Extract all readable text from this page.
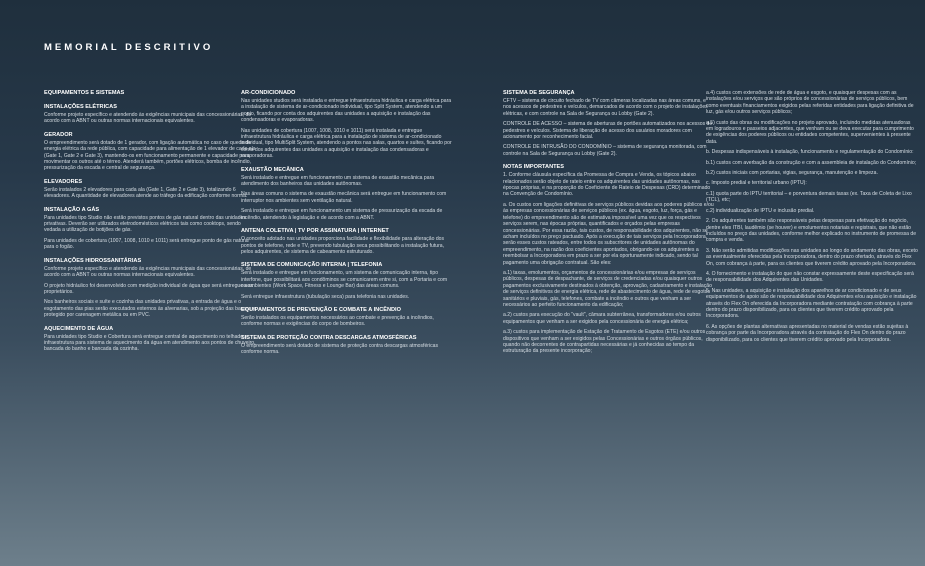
MEMORIAL DESCRITIVO
EQUIPAMENTOS E SISTEMAS
INSTALAÇÕES ELÉTRICAS
Conforme projeto específico e atendendo às exigências municipais das concessionárias, de acordo com a ABNT ou outras normas internacionais equivalentes.
GERADOR
O empreendimento será dotado de 1 gerador, com ligação automática no caso de queda de energia elétrica da rede pública, com capacidade para alimentação de 1 elevador de cada ala (Gate 1, Gate 2 e Gate 3), mantendo-os em funcionamento permanente e capacidade para movimentar os outros até o térreo. Atenderá também, portões elétricos, bomba de incêndio, pressurização da escada e central de segurança.
ELEVADORES
Serão instalados 2 elevadores para cada ala (Gate 1, Gate 2 e Gate 3), totalizando 6 elevadores. A quantidade de elevadores atende ao tráfego da edificação conforme norma.
INSTALAÇÃO A GÁS
Para unidades tipo Studio não estão previstos pontos de gás natural dentro das unidades privativas. Deverão ser utilizados eletrodomésticos elétricos tais como cooktops, sendo vedada a utilização de botijões de gás.
Para unidades de cobertura (1007, 1008, 1010 e 1011) será entregue ponto de gás natural para o fogão.
INSTALAÇÕES HIDROSSANITÁRIAS
Conforme projeto específico e atendendo às exigências municipais das concessionárias, de acordo com a ABNT ou outras normas internacionais equivalentes.
O projeto hidráulico foi desenvolvido com medição individual de água que será entregue aos proprietários.
Nos banheiros sociais e suíte e cozinha das unidades privativas, a entrada de água e o esgotamento das pias serão executados externos às alvenarias, sob a projeção das bancas e protegido por carenagem metálica ou em PVC.
AQUECIMENTO DE ÁGUA
Para unidades tipo Studio e Cobertura será entregue central de aquecimento no telhado e infraestrutura para sistema de aquecimento da água em atendimento aos pontos de chuveiro, bancada do banho e bancada da cozinha.
AR-CONDICIONADO
Nas unidades studios será instalada e entregue infraestrutura hidráulica e carga elétrica para a instalação de sistema de ar-condicionado individual, tipo Split System, atendendo a um ponto, ficando por conta dos adquirentes das unidades a aquisição e instalação das condensadoras e evaporadoras.
Nas unidades de cobertura (1007, 1008, 1010 e 1011) será instalada e entregue infraestrutura hidráulica e carga elétrica para a instalação de sistema de ar-condicionado individual, tipo MultiSplit System, atendendo a pontos nas salas, quartos e suítes, ficando por conta dos adquirentes das unidades a aquisição e instalação das condensadoras e evaporadoras.
EXAUSTÃO MECÂNICA
Será instalado e entregue em funcionamento um sistema de exaustão mecânica para atendimento dos banheiros das unidades autônomas.
Nas áreas comuns o sistema de exaustão mecânica será entregue em funcionamento com interruptor nos ambientes sem ventilação natural.
Será instalado e entregue em funcionamento um sistema de pressurização da escada de incêndio, atendendo à legislação e de acordo com a ABNT.
ANTENA COLETIVA | TV POR ASSINATURA | INTERNET
O conceito adotado nas unidades proporciona facilidade e flexibilidade para alteração dos pontos de telefone, rede e TV, prevendo tubulação seca possibilitando a instalação futura, pelos adquirentes, de sistema de cabeamento estruturado.
SISTEMA DE COMUNICAÇÃO INTERNA | TELEFONIA
Será instalado e entregue em funcionamento, um sistema de comunicação interna, tipo interfone, que possibilitará aos condôminos se comunicarem entre si, com a Portaria e com os ambientes (Work Space, Fitness e Lounge Bar) das áreas comuns.
Será entregue infraestrutura (tubulação seca) para telefonia nas unidades.
EQUIPAMENTOS DE PREVENÇÃO E COMBATE A INCÊNDIO
Serão instalados os equipamentos necessários ao combate e prevenção a incêndios, conforme normas e exigências do corpo de bombeiros.
SISTEMA DE PROTEÇÃO CONTRA DESCARGAS ATMOSFÉRICAS
O empreendimento será dotado de sistema de proteção contra descargas atmosféricas conforme norma.
SISTEMA DE SEGURANÇA
CFTV – sistema de circuito fechado de TV com câmeras localizadas nas áreas comuns, e nos acessos de pedestres e veículos, demarcados de acordo com o projeto de instalações elétricas, e com controle na Sala de Segurança ou Lobby (Gate 2).
CONTROLE DE ACESSO – sistema de aberturas de portões automatizados nos acessos de pedestres e veículos. Sistema de liberação de acesso dos usuários moradores com acionamento por reconhecimento facial.
CONTROLE DE INTRUSÃO DO CONDOMÍNIO – sistema de segurança monitorada, com controle na Sala de Segurança ou Lobby (Gate 2).
NOTAS IMPORTANTES
1. Conforme cláusula específica da Promessa de Compra e Venda, os tópicos abaixo relacionados serão objeto de rateio entre os adquirentes das unidades autônomas, nas épocas próprias, e na proporção do Coeficiente de Rateio de Despesas (CRD) determinado na Convenção de Condomínio.
a. Os custos com ligações definitivas de serviços públicos devidas aos poderes públicos e/ou às empresas concessionárias de serviços públicos (ex. água, esgoto, luz, força, gás e telefone) do empreendimento são de estimativa impossível uma vez que os respectivos serviços serem, nas épocas próprias, quantificados e orçados pelas empresas concessionárias. Por essa razão, tais custos, de responsabilidade dos adquirentes, não se acham incluídos no preço pactuado. Após a execução de tais serviços pela Incorporadora, serão esses custos rateados, entre todos os subscritores de unidades autônomas do empreendimento, na razão dos coeficientes apontados, obrigando-se os adquirentes a reembolsar a Incorporadora em prazo a ser por ela oportunamente indicado, sendo tal pagamento uma obrigação contratual. São eles:
a.1) taxas, emolumentos, orçamentos de concessionárias e/ou empresas de serviços públicos, despesas de despachante, de serviços de credenciadas e/ou quaisquer outros pagamentos exclusivamente destinados à obtenção, aprovação, cadastramento e instalação de serviços definitivos de energia elétrica, rede de abastecimento de água, rede de esgotos sanitários e pluviais, gás, telefones, combate a incêndio e outros que venham a ser necessários ao perfeito funcionamento da edificação;
a.2) custos para execução do "vault", câmara subterrânea, transformadores e/ou outros equipamentos que venham a ser exigidos pela concessionária de energia elétrica;
a.3) custos para implementação de Estação de Tratamento de Esgotos (ETE) e/ou outros dispositivos que venham a ser exigidos pelas Concessionárias e outros órgãos públicos, quando não decorrentes de contrapartidas necessárias e já conhecidas ao tempo da estruturação da presente incorporação;
a.4) custos com extensões de rede de água e esgoto, e quaisquer despesas com as instalações e/ou serviços que são próprios de concessionárias de serviços públicos, bem como eventuais financiamentos exigidos pelas referidas entidades para ligação definitiva de luz, gás e/ou outros serviços públicos;
a.5) custo das obras ou modificações no projeto aprovado, incluindo medidas atenuadoras em logradouros e passeios adjacentes, que venham ou se deva executar para cumprimento de exigências dos poderes públicos ou entidades competentes, supervenientes à presente data.
b. Despesas indispensáveis à instalação, funcionamento e regulamentação do Condomínio:
b.1) custos com averbação da construção e com a assembleia de instalação do Condomínio;
b.2) custos iniciais com portarias, vigias, segurança, manutenção e limpeza.
c. Imposto predial e territorial urbano (IPTU):
c.1) quota parte do IPTU territorial – e porventura demais taxas (ex. Taxa de Coleta de Lixo (TCL), etc;
c.2) individualização de IPTU e inclusão predial.
2. Os adquirentes também são responsáveis pelas despesas para efetivação do negócio, dentre eles ITBI, laudêmio (se houver) e emolumentos notariais e registrais, que não estão incluídos no preço das unidades, conforme melhor explicado no instrumento de promessa de compra e venda.
3. Não serão admitidas modificações nas unidades ao longo do andamento das obras, exceto as eventualmente oferecidas pela Incorporadora, dentro do prazo ofertado, através do Flex On, com cobrança à parte, para os clientes que tiverem crédito aprovado pela Incorporadora.
4. O fornecimento e instalação do que não constar expressamente deste especificação será de responsabilidade dos Adquirentes das Unidades.
5. Nas unidades, a aquisição e instalação dos aparelhos de ar condicionado e de seus equipamentos de apoio são de responsabilidade dos Adquirentes e/ou aquisição e instalação através do Flex On oferecida da Incorporadora mediante contratação com cobrança à parte dentro do prazo disponibilizado, para os clientes que tiverem crédito aprovado pela Incorporadora.
6. As opções de plantas alternativas apresentadas no material de vendas estão sujeitas à cobrança por parte da Incorporadora através da contratação do Flex On dentro do prazo disponibilizado, para os clientes que tiverem crédito aprovado pela Incorporadora.
